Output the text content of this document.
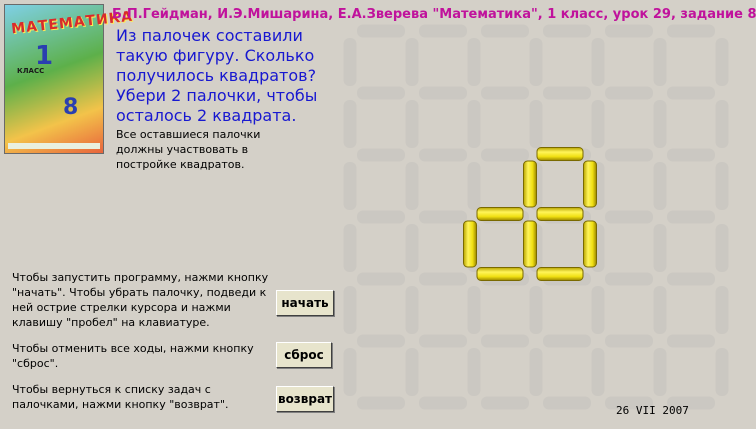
МАТЕМАТИКА
1
КЛАСС
8

Б.П.Гейдман, И.Э.Мишарина, Е.А.Зверева "Математика", 1 класс, урок 29, задание 8
Из палочек составили такую фигуру. Сколько получилось квадратов? Убери 2 палочки, чтобы осталось 2 квадрата.
Все оставшиеся палочки должны участвовать в постройке квадратов.
Чтобы запустить программу, нажми кнопку "начать". Чтобы убрать палочку, подведи к ней острие стрелки курсора и нажми клавишу "пробел" на клавиатуре.
Чтобы отменить все ходы, нажми кнопку "сброс".
Чтобы вернуться к списку задач с палочками, нажми кнопку "возврат".
начать
сброс
возврат
26 VII 2007
